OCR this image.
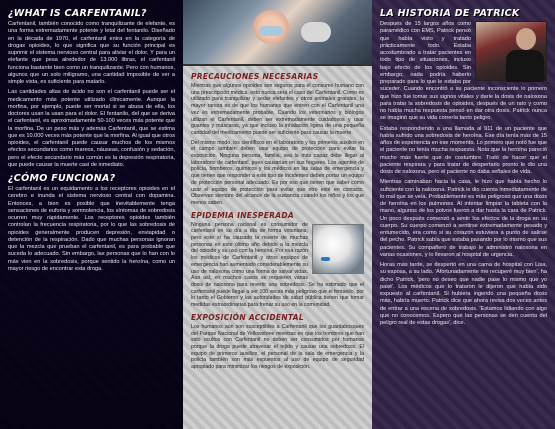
¿WHAT IS CARFENTANIL?

Carfentanil, también conocido como tranquilizante de elefante, es una forma extremadamente potente y letal del fentanilo. Diseñado en la década de 1970, el carfentanil entra en la categoría de drogas opioides, lo que significa que su función principal es suprimir el sistema nervioso central para aliviar el dolor. Y para un elefante que pesa alrededor de 13.000 libras, el carfentanil funciona bastante bien como un tranquilizante. Pero con humanos, algunos que un solo miligramo, una cantidad imposible de ver a simple vista, es suficiente para matarlo.

Las cantidades altas de ácido no son el carfentanil puede ser el medicamento más potente utilizado clínicamente. Aunque la morfina, por ejemplo, puede ser mortal si se abusa de ella, los doctores usan la usan para el dolor. El fentanilo, del que se deriva el carfentanil, es aproximadamente 50-100 veces más potente que la morfina. De un peso más y además Carfentanil, que se estima que es 10.000 veces más potente que la morfina. Al igual que otros opioides, el carfentanil puede causar muchos de los mismos efectos secundarios como mareos, náuseas, confusión y sedación, pero el efecto secundario más común es la depresión respiratoria, que puede causar la muerte casi de inmediato.

¿CÓMO FUNCIONA?

El carfentanil es un equidamento a los receptores opioides en el cerebro e inunda el sistema nervioso central con dopamina. Entonces, a bien es posible que inevitablemente tenga sensaciones de euforia y somnolencia, los síntomas de sobredosis ocurren muy rápidamente. Los receptores opioides también controlan la frecuencia respiratoria, por lo que las sobredosis de opioides generalmente producen depresión, enviapidad o detención de la respiración. Dado que muchas personas ignoran que la mezcla que prueban el carfentanil, es para probable que suceda lo adecuado. Sin embargo, las personas que lo han con lo más vien en la sobredosis, porque sentido la heroína, como un mayor riesgo de encontrar esta droga.

PRECAUCIONES NECESARIAS

Mientras que algunos opioides son seguros para el consumo humano con una prescripción médica, esto nunca será el caso del Carfentanil. Como es utilizado para tranquilizar y sedar elefantes y otros animales grandes, la mayor rareza es de que los humanos que entren con el Carfentanil una vez es extremadamente probable. Cuando los veterinarios y biólogos utilizan el Carfentanil, deben ser extremadamente cuidadosos y usar guantes y máscaras, ya que incluso la inhalación ligera de una pequeña cantidad del medicamento puede ser suficiente para causar la muerte.

Del mismo modo, los científicos en el laboratorio y los primeros auxilios en el campo también deben usar equipo de protección para evitar la exposición. Ninguna persona, familia, sea la más capaz debe llegar al laboratorio de carfentanil, pues causarían en sus hogares. Los agentes de policía, bomberos, químicos y los médicos en las salas de emergencia y que tienen que responder a este tipo de incidentes deben portar un equipo de protección personal adecuado. Es por eso que tienen que saber cómo usar el equipo de protección para evitar que otro esté en contacto. Observan siempre del alcance de la sustancia cuando los niños y los que menos saben.

EPIDEMIA INESPERADA

Ninguna persona racional es consumidor de carfentanil en su día a día de forma voluntaria, pero este sí ha causado la muerte de muchas personas en este último año debido a la mezcla del opioide y su uso con la heroína. Por esa razón los médicos de Carfentanil y otros equipos de emergencia han aumentado considerablemente su uso de naloxona como una forma de salvar vidas. Aun así, en muchos casos se requieren varias dosis de naloxona para revertir una sobredosis. Se ha estimado que el carfentanil puede llegar a ser 100 veces más peligroso que el fentanilo, por lo tanto el Gobierno y las autoridades de salud pública tienen que tomar medidas extraordinarias para frenar su uso en la comunidad.

EXPOSICIÓN ACCIDENTAL

Los humanos aún son susceptibles a Carfentanil que los guardabosques del Parque Nacional de Yellowstone mientras en que los hombres que han sido ocultos con Carfentanil no deben ser consumidos por humanos porque la droga puede atravesar el tejido y causar una sobredosis. El equipo de primeros auxilios, el personal de la sala de emergencia y la policía también son más expuestos al uso de equipo de seguridad apropiado para minimizar los riesgos de exposición.

LA HISTORIA DE PATRICK

Después de 15 largos años como paramédico con EMS, Patrick pensó que había visto y tratado prácticamente todo. Estaba acostumbrado a tratar pacientes en todo tipo de situaciones, incluso bajo efecto de los opioides. Sin embargo, nada podría haberlo preparado para lo que le estaba por suceder. Cuando encontró a su paciente inconsciente lo primero que hizo fue tomar sus signos vitales y darle la dosis de naloxona para tratar la sobredosis de opioides, después de un rato y como no había mucha respuesta pensó en dar otra dosis. Patrick nunca se imaginó que su vida correría tanto peligro.

Estaba respondiendo a una llamada al 911 de un paciente que había sufrido una sobredosis de heroína. Ese día tenía más de 15 años de experiencia en ese momento. Lo primero que notó fue que el paciente no tenía mucha respuesta. Nota que la heroína pareció mucho más fuerte que de costumbre. Trató de hacer que el paciente respirara y para tratar de despertarlo pronto le dio una dosis de naloxona, pero el paciente no daba señales de vida.

Mientras caminaban hacia la casa, le hizo que había hecho lo suficiente con la naloxona. Patrick le dio cuenta inmediatamente de lo mal que se veía. Probablemente es más peligroso que una dosis de heroína en los pulmones. Al intentar limpiar la tableta con la mano, algunos de los polvos fueron a dar hasta la cara de Patrick. Un poco después comenzó a sentir los efectos de la droga en su cuerpo. Su cuerpo comenzó a sentirse extremadamente pesado y entumecido, era como si su corazón estuviera a punto de salirse del pecho. Patrick sabía que estaba pasando por lo mismo que sus pacientes. Su compañero de trabajo le administró naloxona en varias ocasiones, y lo llevaron al hospital de urgencia.

Horas más tarde, se despertó en una cama de hospital con Lisa, su esposa, a su lado. 'Afortunadamente me recuperé muy bien', ha dicho Patrick, 'pero no deseo que nadie pase lo mismo que yo pasé'. Los médicos que lo trataron le dijeron que había sido expuesto al carfentanil. Si hubiera ingerido una pequeña dosis más, habría muerto. Patrick dice que ahora revisa dos veces antes de entrar a una escena de sobredosis. 'Estamos lidiando con algo que no conocemos. Espero que las personas se den cuenta del peligro real de estas drogas', dice.
